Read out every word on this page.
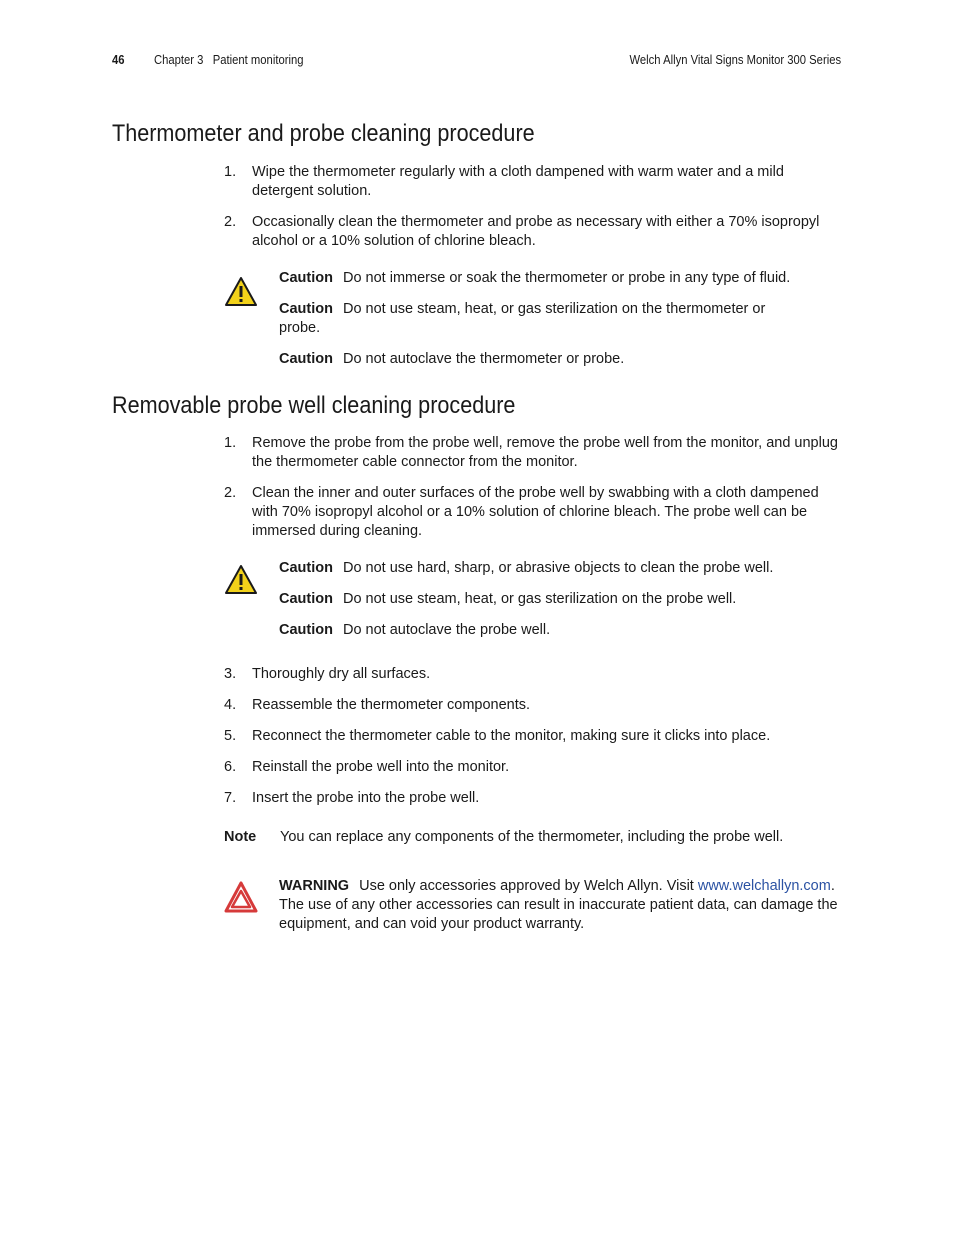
46 Chapter 3   Patient monitoring	Welch Allyn Vital Signs Monitor 300 Series
Thermometer and probe cleaning procedure
1. Wipe the thermometer regularly with a cloth dampened with warm water and a mild detergent solution.
2. Occasionally clean the thermometer and probe as necessary with either a 70% isopropyl alcohol or a 10% solution of chlorine bleach.
Caution Do not immerse or soak the thermometer or probe in any type of fluid.
Caution Do not use steam, heat, or gas sterilization on the thermometer or probe.
Caution Do not autoclave the thermometer or probe.
Removable probe well cleaning procedure
1. Remove the probe from the probe well, remove the probe well from the monitor, and unplug the thermometer cable connector from the monitor.
2. Clean the inner and outer surfaces of the probe well by swabbing with a cloth dampened with 70% isopropyl alcohol or a 10% solution of chlorine bleach. The probe well can be immersed during cleaning.
Caution Do not use hard, sharp, or abrasive objects to clean the probe well.
Caution Do not use steam, heat, or gas sterilization on the probe well.
Caution Do not autoclave the probe well.
3. Thoroughly dry all surfaces.
4. Reassemble the thermometer components.
5. Reconnect the thermometer cable to the monitor, making sure it clicks into place.
6. Reinstall the probe well into the monitor.
7. Insert the probe into the probe well.
Note You can replace any components of the thermometer, including the probe well.
WARNING Use only accessories approved by Welch Allyn. Visit www.welchallyn.com. The use of any other accessories can result in inaccurate patient data, can damage the equipment, and can void your product warranty.
